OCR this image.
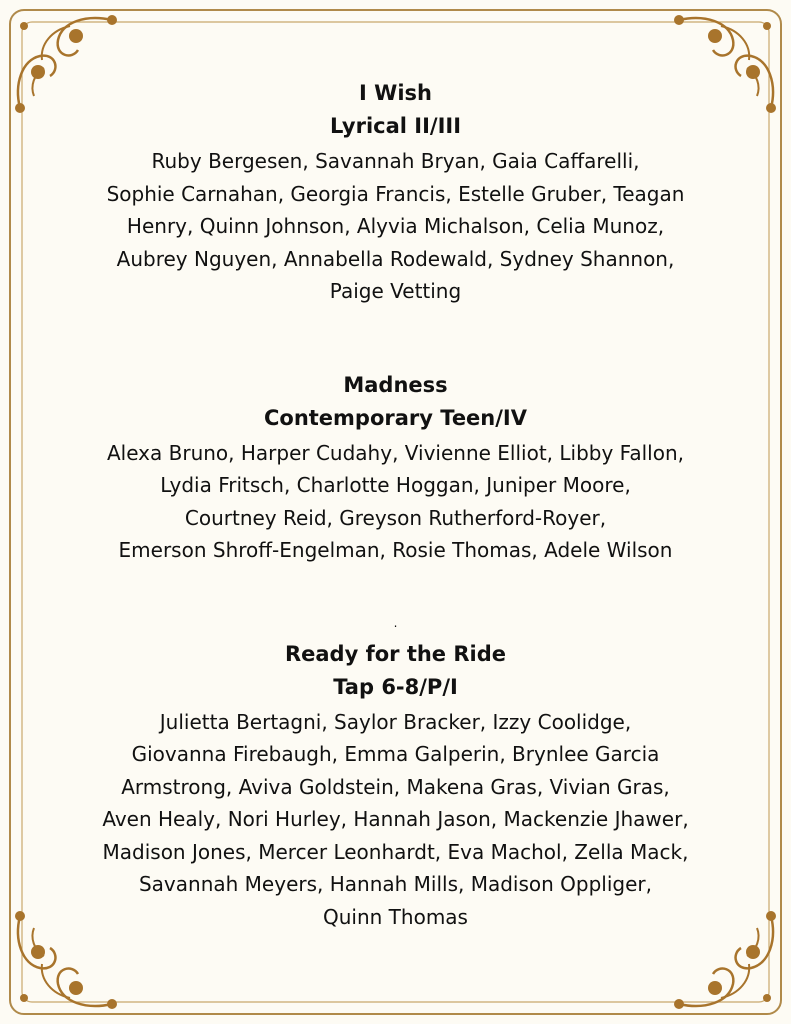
I Wish

Lyrical II/III

Ruby Bergesen, Savannah Bryan, Gaia Caffarelli,
Sophie Carnahan, Georgia Francis, Estelle Gruber, Teagan
Henry, Quinn Johnson, Alyvia Michalson, Celia Munoz,
Aubrey Nguyen, Annabella Rodewald, Sydney Shannon,
Paige Vetting

Madness

Contemporary Teen/IV

Alexa Bruno, Harper Cudahy, Vivienne Elliot, Libby Fallon,
Lydia Fritsch, Charlotte Hoggan, Juniper Moore,
Courtney Reid, Greyson Rutherford-Royer,
Emerson Shroff-Engelman, Rosie Thomas, Adele Wilson

.

Ready for the Ride

Tap 6-8/P/I

Julietta Bertagni, Saylor Bracker, Izzy Coolidge,
Giovanna Firebaugh, Emma Galperin, Brynlee Garcia
Armstrong, Aviva Goldstein, Makena Gras, Vivian Gras,
Aven Healy, Nori Hurley, Hannah Jason, Mackenzie Jhawer,
Madison Jones, Mercer Leonhardt, Eva Machol, Zella Mack,
Savannah Meyers, Hannah Mills, Madison Oppliger,
Quinn Thomas
